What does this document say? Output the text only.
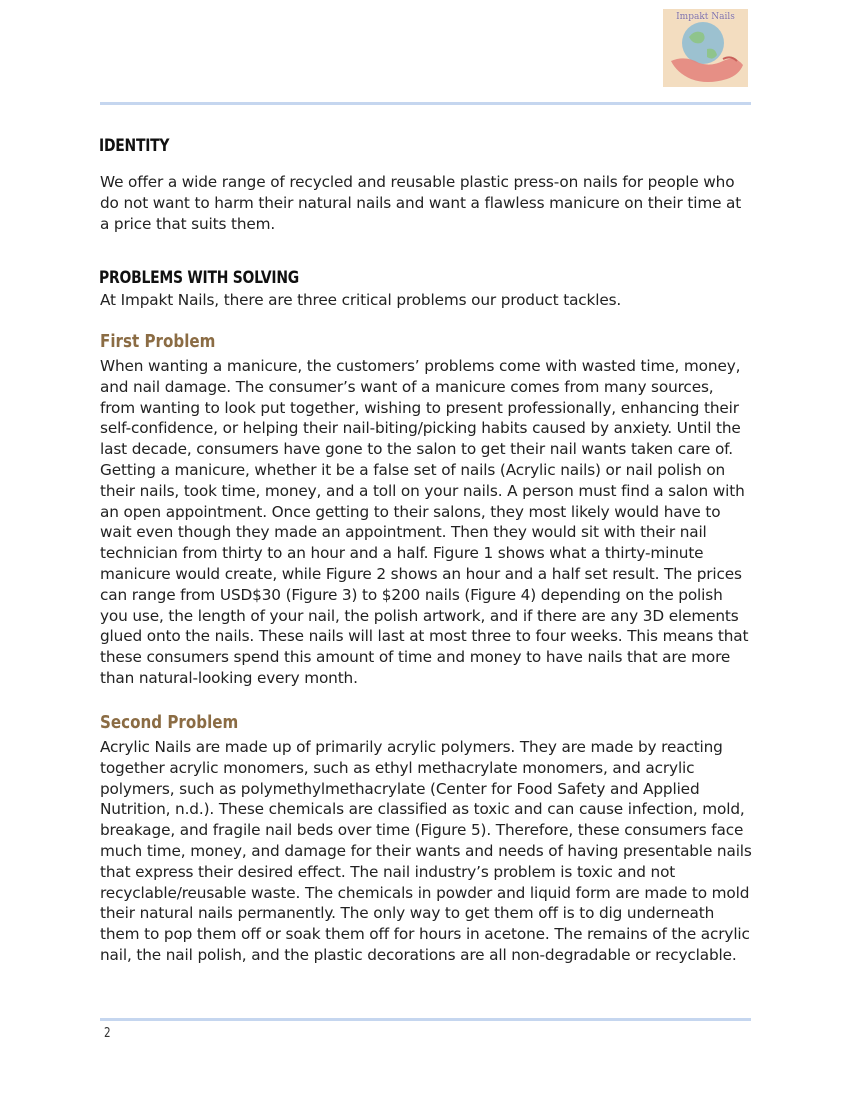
Impakt Nails
IDENTITY

We offer a wide range of recycled and reusable plastic press-on nails for people who do not want to harm their natural nails and want a flawless manicure on their time at a price that suits them.

PROBLEMS WITH SOLVING

At Impakt Nails, there are three critical problems our product tackles.

First Problem

When wanting a manicure, the customers’ problems come with wasted time, money, and nail damage. The consumer’s want of a manicure comes from many sources, from wanting to look put together, wishing to present professionally, enhancing their self-confidence, or helping their nail-biting/picking habits caused by anxiety. Until the last decade, consumers have gone to the salon to get their nail wants taken care of. Getting a manicure, whether it be a false set of nails (Acrylic nails) or nail polish on their nails, took time, money, and a toll on your nails. A person must find a salon with an open appointment. Once getting to their salons, they most likely would have to wait even though they made an appointment. Then they would sit with their nail technician from thirty to an hour and a half. Figure 1 shows what a thirty-minute manicure would create, while Figure 2 shows an hour and a half set result. The prices can range from USD$30 (Figure 3) to $200 nails (Figure 4) depending on the polish you use, the length of your nail, the polish artwork, and if there are any 3D elements glued onto the nails. These nails will last at most three to four weeks. This means that these consumers spend this amount of time and money to have nails that are more than natural-looking every month.

Second Problem

Acrylic Nails are made up of primarily acrylic polymers. They are made by reacting together acrylic monomers, such as ethyl methacrylate monomers, and acrylic polymers, such as polymethylmethacrylate (Center for Food Safety and Applied Nutrition, n.d.). These chemicals are classified as toxic and can cause infection, mold, breakage, and fragile nail beds over time (Figure 5). Therefore, these consumers face much time, money, and damage for their wants and needs of having presentable nails that express their desired effect. The nail industry’s problem is toxic and not recyclable/reusable waste. The chemicals in powder and liquid form are made to mold their natural nails permanently. The only way to get them off is to dig underneath them to pop them off or soak them off for hours in acetone. The remains of the acrylic nail, the nail polish, and the plastic decorations are all non-degradable or recyclable.

2
